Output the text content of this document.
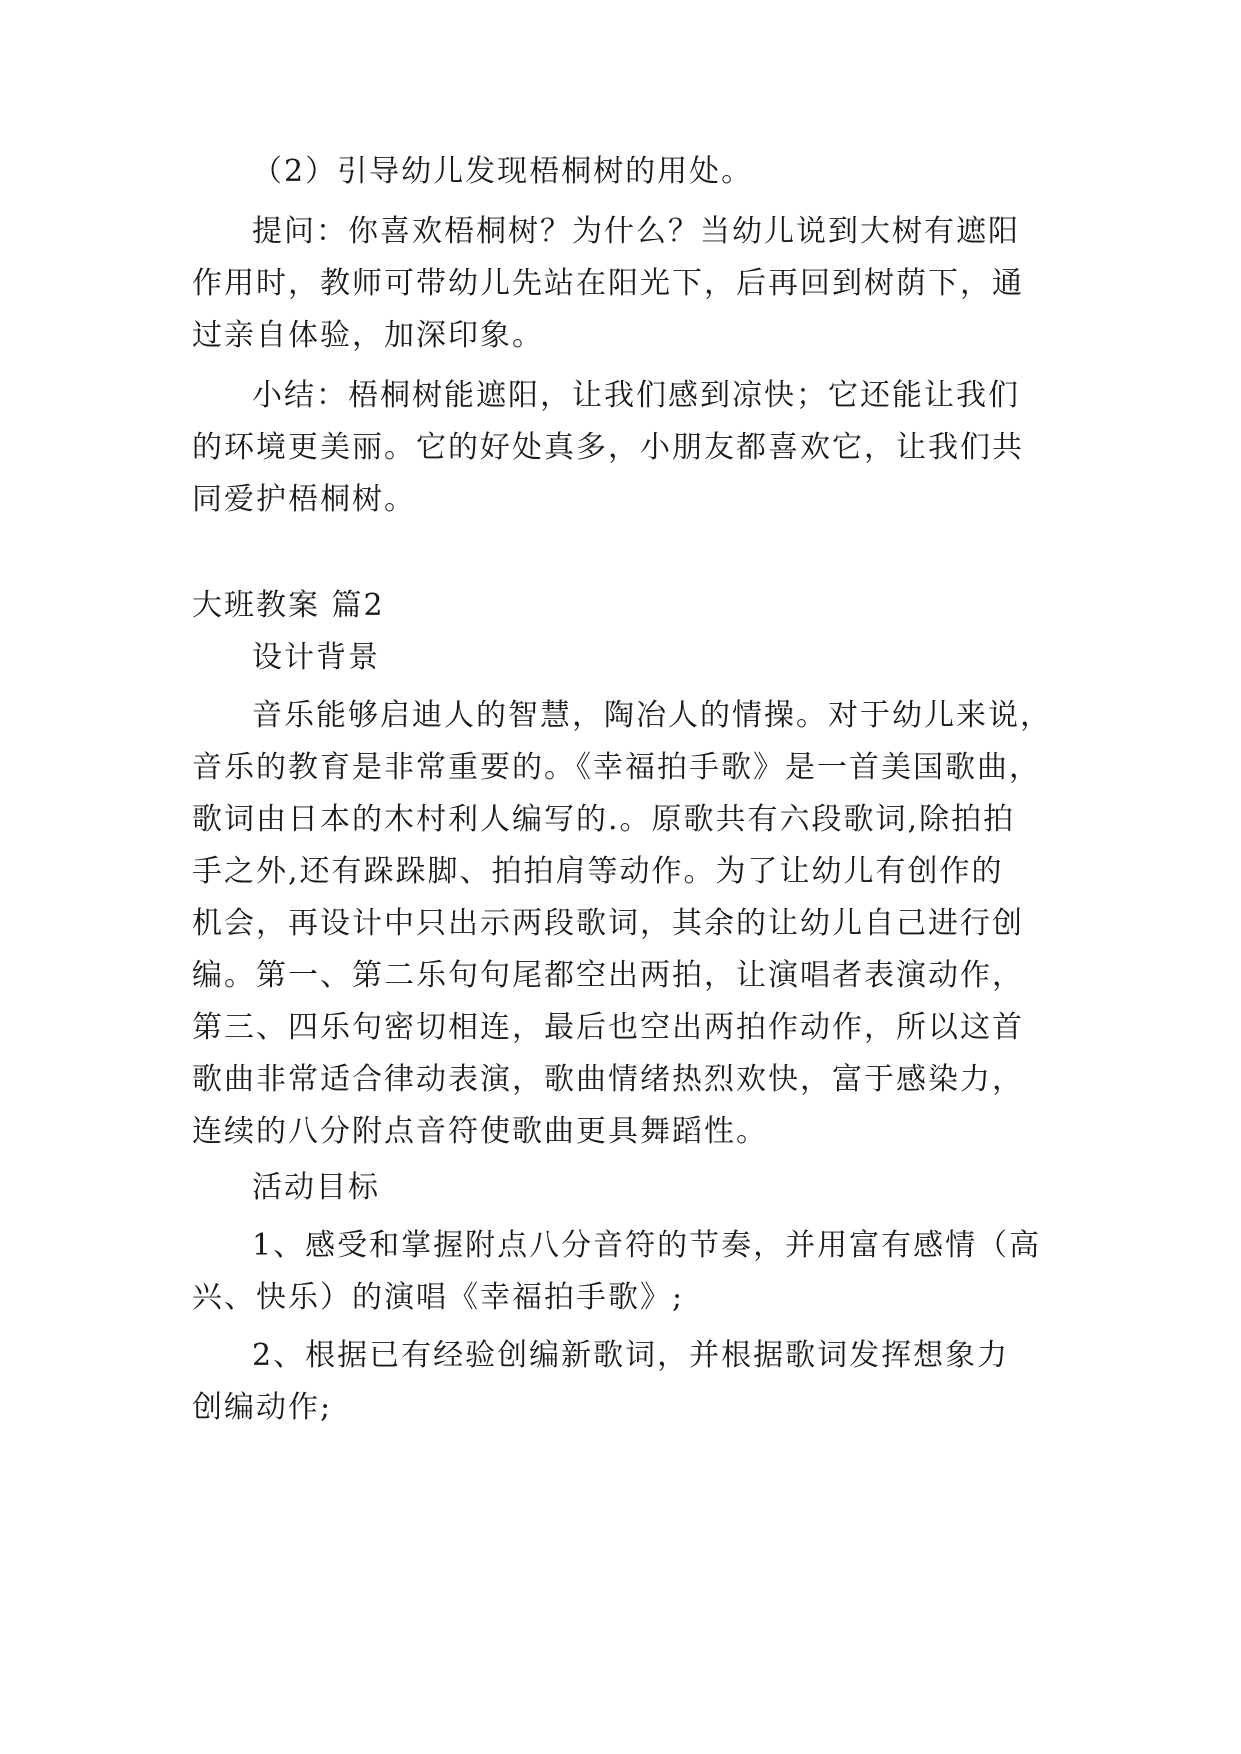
（2）引导幼儿发现梧桐树的用处。

提问：你喜欢梧桐树？为什么？当幼儿说到大树有遮阳

作用时，教师可带幼儿先站在阳光下，后再回到树荫下，通

过亲自体验，加深印象。

小结：梧桐树能遮阳，让我们感到凉快；它还能让我们

的环境更美丽。它的好处真多，小朋友都喜欢它，让我们共

同爱护梧桐树。

大班教案 篇2

设计背景

音乐能够启迪人的智慧，陶冶人的情操。对于幼儿来说，

音乐的教育是非常重要的。《幸福拍手歌》是一首美国歌曲，

歌词由日本的木村利人编写的.。原歌共有六段歌词,除拍拍

手之外,还有跺跺脚、拍拍肩等动作。为了让幼儿有创作的

机会，再设计中只出示两段歌词，其余的让幼儿自己进行创

编。第一、第二乐句句尾都空出两拍，让演唱者表演动作，

第三、四乐句密切相连，最后也空出两拍作动作，所以这首

歌曲非常适合律动表演，歌曲情绪热烈欢快，富于感染力，

连续的八分附点音符使歌曲更具舞蹈性。

活动目标

1、感受和掌握附点八分音符的节奏，并用富有感情（高

兴、快乐）的演唱《幸福拍手歌》;

2、根据已有经验创编新歌词，并根据歌词发挥想象力

创编动作;
